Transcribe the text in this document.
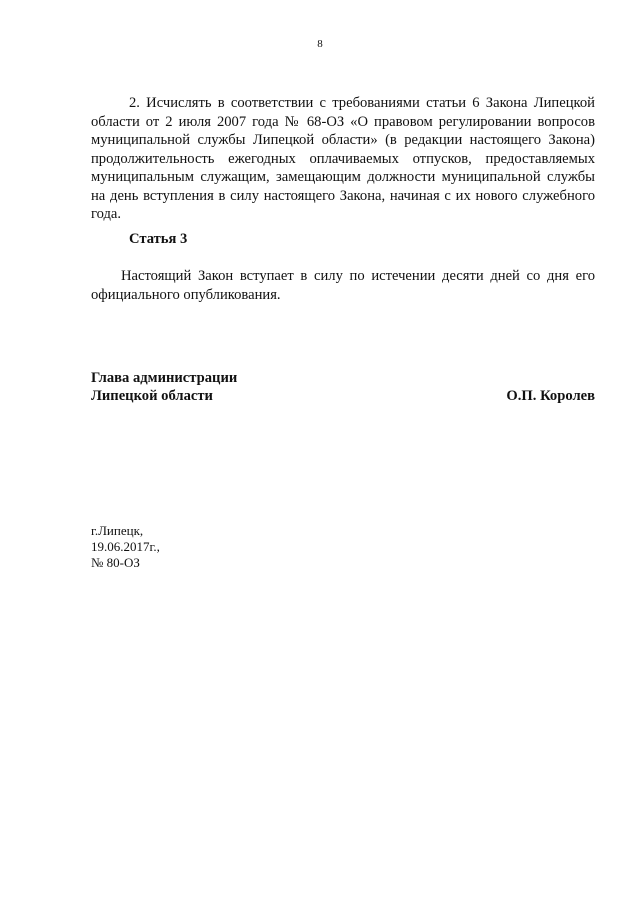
8

2. Исчислять в соответствии с требованиями статьи 6 Закона Липецкой области от 2 июля 2007 года № 68-ОЗ «О правовом регулировании вопросов муниципальной службы Липецкой области» (в редакции настоящего Закона) продолжительность ежегодных оплачиваемых отпусков, предоставляемых муниципальным служащим, замещающим должности муниципальной службы на день вступления в силу настоящего Закона, начиная с их нового служебного года.

Статья 3

Настоящий Закон вступает в силу по истечении десяти дней со дня его официального опубликования.

Глава администрации
Липецкой области	О.П. Королев
г.Липецк,
19.06.2017г.,
№ 80-ОЗ
